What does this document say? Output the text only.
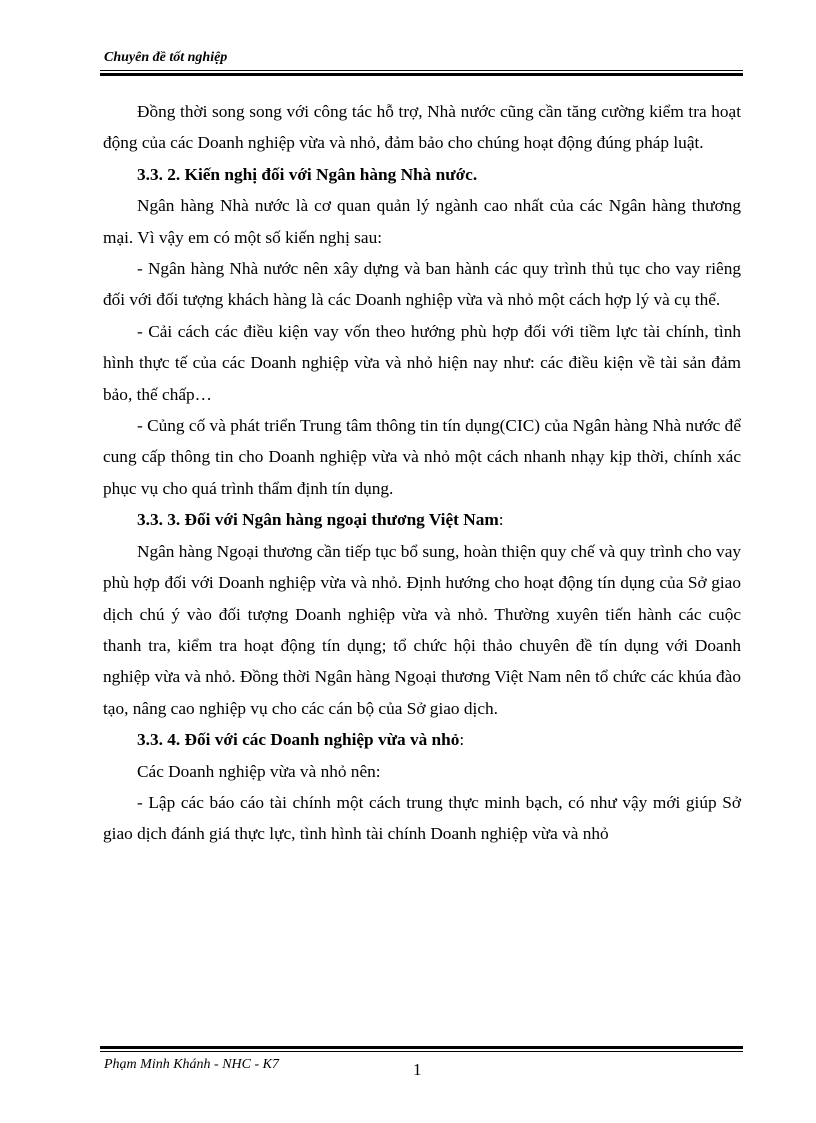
Chuyên đề tốt nghiệp

Đồng thời song song với công tác hỗ trợ, Nhà nước cũng cần tăng cường kiểm tra hoạt động của các Doanh nghiệp vừa và nhỏ, đảm bảo cho chúng hoạt động đúng pháp luật.

3.3. 2. Kiến nghị đối với Ngân hàng Nhà nước.

Ngân hàng Nhà nước là cơ quan quản lý ngành cao nhất của các Ngân hàng thương mại. Vì vậy em có một số kiến nghị sau:

- Ngân hàng Nhà nước nên xây dựng và ban hành các quy trình thủ tục cho vay riêng đối với đối tượng khách hàng là các Doanh nghiệp vừa và nhỏ một cách hợp lý và cụ thể.

- Cải cách các điều kiện vay vốn theo hướng phù hợp đối với tiềm lực tài chính, tình hình thực tế của các Doanh nghiệp vừa và nhỏ hiện nay như: các điều kiện về tài sản đảm bảo, thế chấp…

- Củng cố và phát triển Trung tâm thông tin tín dụng(CIC) của Ngân hàng Nhà nước để cung cấp thông tin cho Doanh nghiệp vừa và nhỏ một cách nhanh nhạy kịp thời, chính xác phục vụ cho quá trình thẩm định tín dụng.

3.3. 3. Đối với Ngân hàng ngoại thương Việt Nam:

Ngân hàng Ngoại thương cần tiếp tục bổ sung, hoàn thiện quy chế và quy trình cho vay phù hợp đối với Doanh nghiệp vừa và nhỏ. Định hướng cho hoạt động tín dụng của Sở giao dịch chú ý vào đối tượng Doanh nghiệp vừa và nhỏ. Thường xuyên tiến hành các cuộc thanh tra, kiểm tra hoạt động tín dụng; tổ chức hội thảo chuyên đề tín dụng với Doanh nghiệp vừa và nhỏ. Đồng thời Ngân hàng Ngoại thương Việt Nam nên tổ chức các khúa đào tạo, nâng cao nghiệp vụ cho các cán bộ của Sở giao dịch.

3.3. 4. Đối với các Doanh nghiệp vừa và nhỏ:

Các Doanh nghiệp vừa và nhỏ nên:

- Lập các báo cáo tài chính một cách trung thực minh bạch, có như vậy mới giúp Sở giao dịch đánh giá thực lực, tình hình tài chính Doanh nghiệp vừa và nhỏ

Phạm Minh Khánh - NHC - K7	1
